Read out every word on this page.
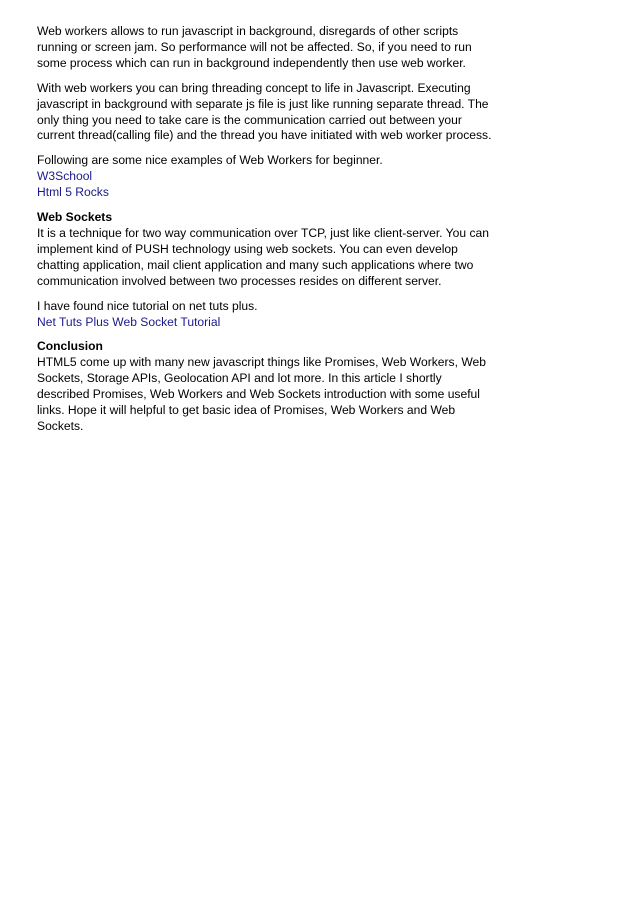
Web workers allows to run javascript in background, disregards of other scripts running or screen jam. So performance will not be affected. So, if you need to run some process which can run in background independently then use web worker.

With web workers you can bring threading concept to life in Javascript. Executing javascript in background with separate js file is just like running separate thread. The only thing you need to take care is the communication carried out between your current thread(calling file) and the thread you have initiated with web worker process.

Following are some nice examples of Web Workers for beginner.
W3School
Html 5 Rocks
Web Sockets
It is a technique for two way communication over TCP, just like client-server. You can implement kind of PUSH technology using web sockets. You can even develop chatting application, mail client application and many such applications where two communication involved between two processes resides on different server.
I have found nice tutorial on net tuts plus.
Net Tuts Plus Web Socket Tutorial
Conclusion
HTML5 come up with many new javascript things like Promises, Web Workers, Web Sockets, Storage APIs, Geolocation API and lot more. In this article I shortly described Promises, Web Workers and Web Sockets introduction with some useful links. Hope it will helpful to get basic idea of Promises, Web Workers and Web Sockets.
